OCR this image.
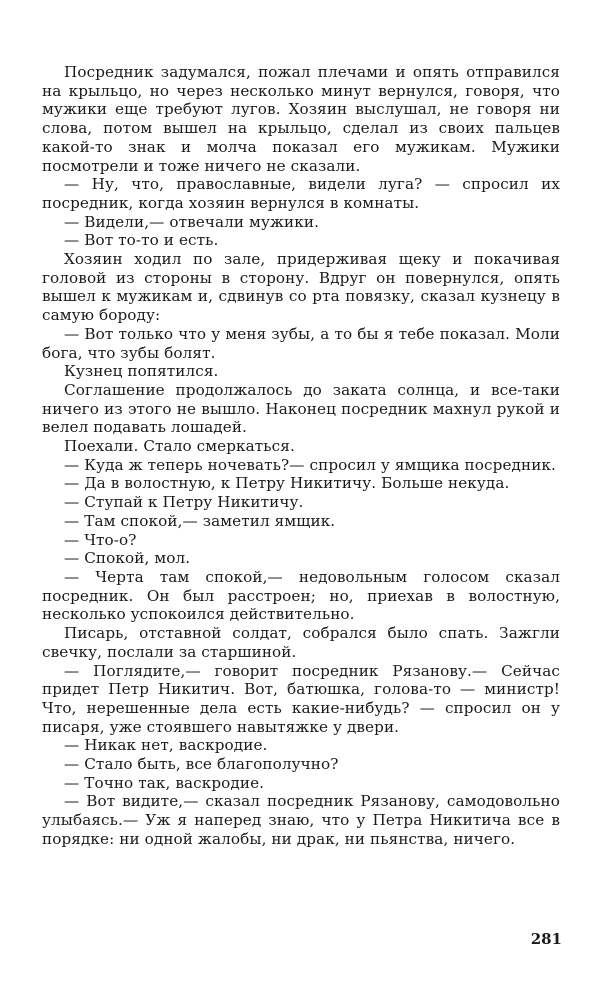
Посредник задумался, пожал плечами и опять отправился на крыльцо, но через несколько минут вернулся, говоря, что мужики еще требуют лугов. Хозяин выслушал, не говоря ни слова, потом вышел на крыльцо, сделал из своих пальцев какой-то знак и молча показал его мужикам. Мужики посмотрели и тоже ничего не сказали.

— Ну, что, православные, видели луга? — спросил их посредник, когда хозяин вернулся в комнаты.

— Видели,— отвечали мужики.

— Вот то-то и есть.

Хозяин ходил по зале, придерживая щеку и покачивая головой из стороны в сторону. Вдруг он повернулся, опять вышел к мужикам и, сдвинув со рта повязку, сказал кузнецу в самую бороду:

— Вот только что у меня зубы, а то бы я тебе показал. Моли бога, что зубы болят.

Кузнец попятился.

Соглашение продолжалось до заката солнца, и все-таки ничего из этого не вышло. Наконец посредник махнул рукой и велел подавать лошадей.

Поехали. Стало смеркаться.

— Куда ж теперь ночевать?— спросил у ямщика посредник.

— Да в волостную, к Петру Никитичу. Больше некуда.

— Ступай к Петру Никитичу.

— Там спокой,— заметил ямщик.

— Что-о?

— Спокой, мол.

— Черта там спокой,— недовольным голосом сказал посредник. Он был расстроен; но, приехав в волостную, несколько успокоился действительно.

Писарь, отставной солдат, собрался было спать. Зажгли свечку, послали за старшиной.

— Поглядите,— говорит посредник Рязанову.— Сейчас придет Петр Никитич. Вот, батюшка, голова-то — министр! Что, нерешенные дела есть какие-нибудь? — спросил он у писаря, уже стоявшего навытяжке у двери.

— Никак нет, васкродие.

— Стало быть, все благополучно?

— Точно так, васкродие.

— Вот видите,— сказал посредник Рязанову, самодовольно улыбаясь.— Уж я наперед знаю, что у Петра Никитича все в порядке: ни одной жалобы, ни драк, ни пьянства, ничего.

281
